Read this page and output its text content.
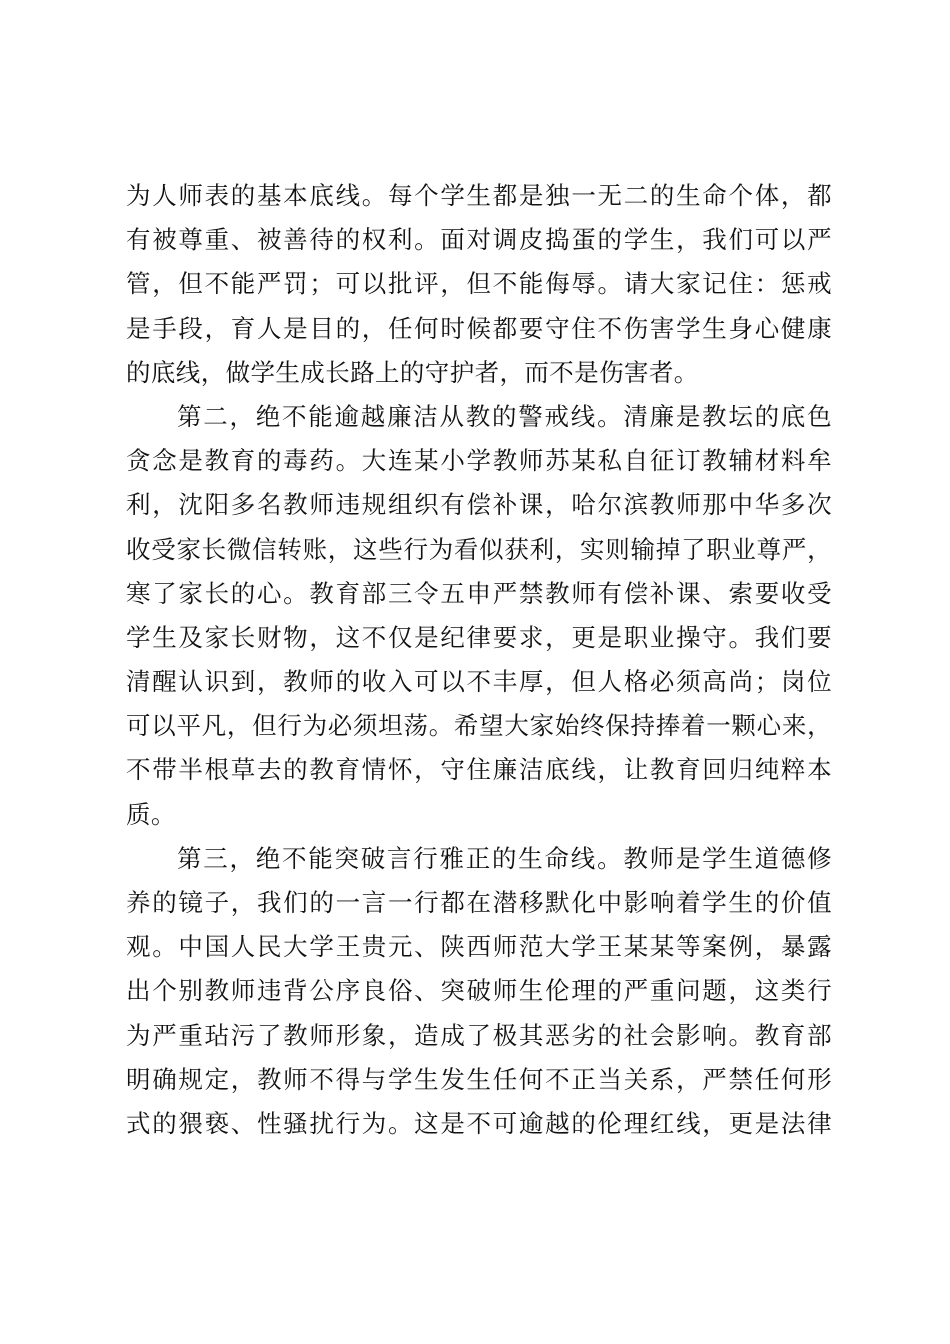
为人师表的基本底线。每个学生都是独一无二的生命个体，都
有被尊重、被善待的权利。面对调皮捣蛋的学生，我们可以严
管，但不能严罚；可以批评，但不能侮辱。请大家记住：惩戒
是手段，育人是目的，任何时候都要守住不伤害学生身心健康
的底线，做学生成长路上的守护者，而不是伤害者。
第二，绝不能逾越廉洁从教的警戒线。清廉是教坛的底色
贪念是教育的毒药。大连某小学教师苏某私自征订教辅材料牟
利，沈阳多名教师违规组织有偿补课，哈尔滨教师那中华多次
收受家长微信转账，这些行为看似获利，实则输掉了职业尊严，
寒了家长的心。教育部三令五申严禁教师有偿补课、索要收受
学生及家长财物，这不仅是纪律要求，更是职业操守。我们要
清醒认识到，教师的收入可以不丰厚，但人格必须高尚；岗位
可以平凡，但行为必须坦荡。希望大家始终保持捧着一颗心来，
不带半根草去的教育情怀，守住廉洁底线，让教育回归纯粹本
质。
第三，绝不能突破言行雅正的生命线。教师是学生道德修
养的镜子，我们的一言一行都在潜移默化中影响着学生的价值
观。中国人民大学王贵元、陕西师范大学王某某等案例，暴露
出个别教师违背公序良俗、突破师生伦理的严重问题，这类行
为严重玷污了教师形象，造成了极其恶劣的社会影响。教育部
明确规定，教师不得与学生发生任何不正当关系，严禁任何形
式的猥亵、性骚扰行为。这是不可逾越的伦理红线，更是法律
